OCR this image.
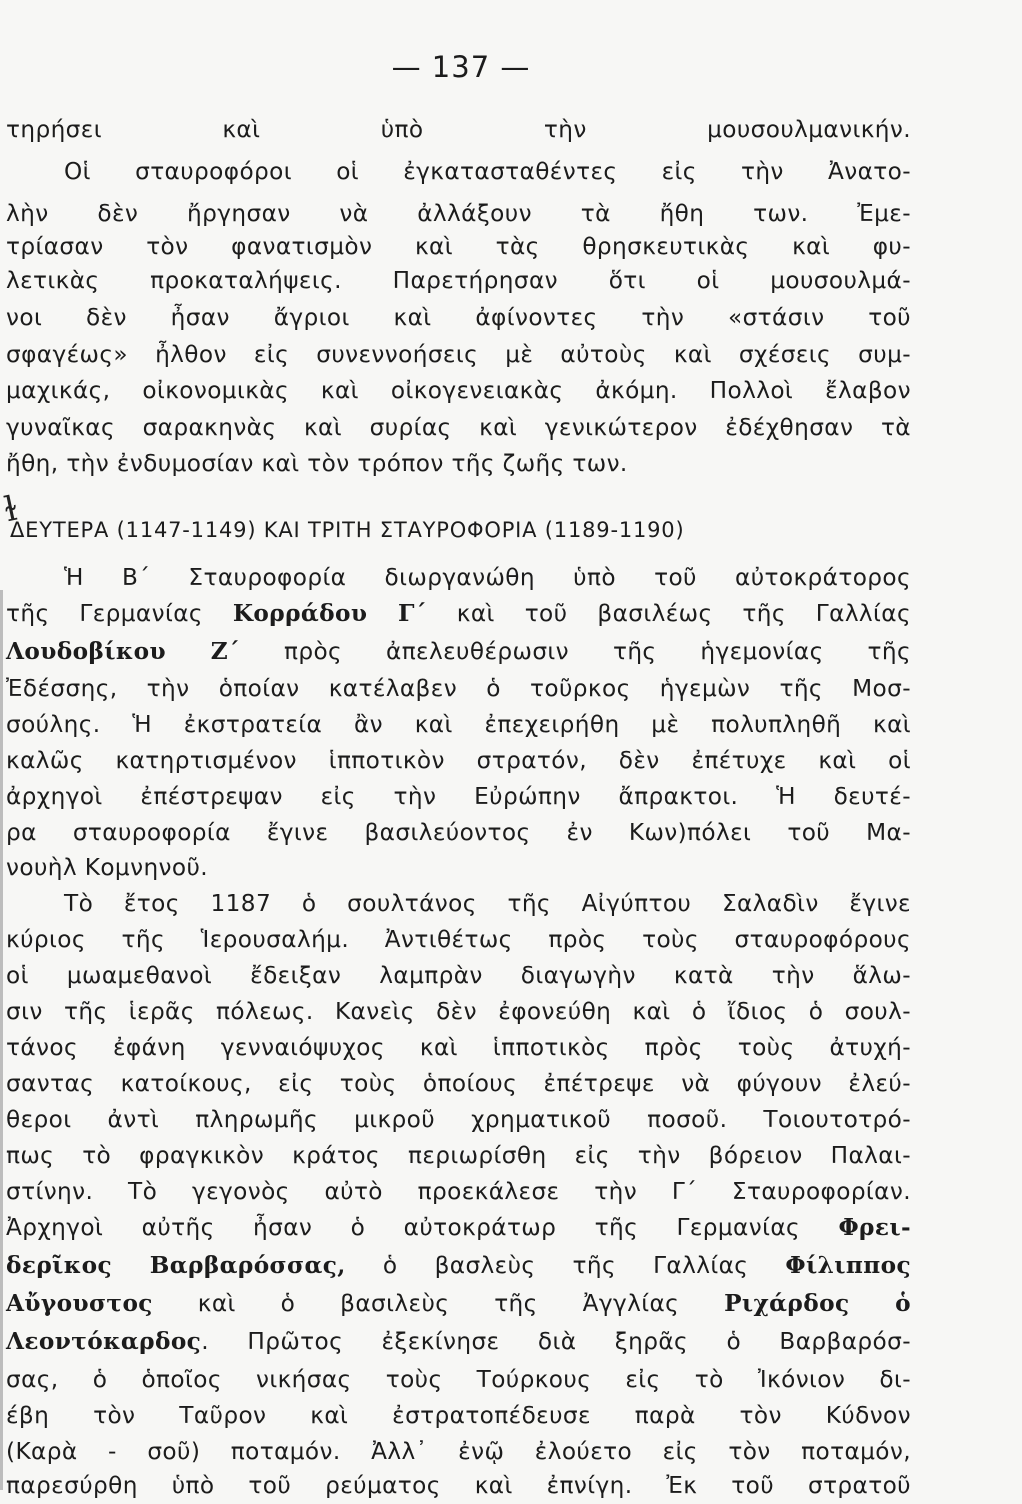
— 137 —
τηρήσει καὶ ὑπὸ τὴν μουσουλμανικήν.
Οἱ σταυροφόροι οἱ ἐγκατασταθέντες εἰς τὴν Ἀνατο-
λὴν δὲν ἤργησαν νὰ ἀλλάξουν τὰ ἤθη των. Ἐμε-
τρίασαν τὸν φανατισμὸν καὶ τὰς θρησκευτικὰς καὶ φυ-
λετικὰς προκαταλήψεις. Παρετήρησαν ὅτι οἱ μουσουλμά-
νοι δὲν ἦσαν ἄγριοι καὶ ἀφίνοντες τὴν «στάσιν τοῦ
σφαγέως» ἦλθον εἰς συνεννοήσεις μὲ αὐτοὺς καὶ σχέσεις συμ-
μαχικάς, οἰκονομικὰς καὶ οἰκογενειακὰς ἀκόμη. Πολλοὶ ἔλαβον
γυναῖκας σαρακηνὰς καὶ συρίας καὶ γενικώτερον ἐδέχθησαν τὰ
ἤθη, τὴν ἐνδυμοσίαν καὶ τὸν τρόπον τῆς ζωῆς των.
ɫ
ΔΕΥΤΕΡΑ (1147-1149) ΚΑΙ ΤΡΙΤΗ ΣΤΑΥΡΟΦΟΡΙΑ (1189-1190)
Ἡ Β΄ Σταυροφορία διωργανώθη ὑπὸ τοῦ αὐτοκράτορος
τῆς Γερμανίας Κορράδου Γ΄ καὶ τοῦ βασιλέως τῆς Γαλλίας
Λουδοβίκου Ζ΄ πρὸς ἀπελευθέρωσιν τῆς ἡγεμονίας τῆς
Ἐδέσσης, τὴν ὁποίαν κατέλαβεν ὁ τοῦρκος ἡγεμὼν τῆς Μοσ-
σούλης. Ἡ ἐκστρατεία ἂν καὶ ἐπεχειρήθη μὲ πολυπληθῆ καὶ
καλῶς κατηρτισμένον ἱπποτικὸν στρατόν, δὲν ἐπέτυχε καὶ οἱ
ἀρχηγοὶ ἐπέστρεψαν εἰς τὴν Εὐρώπην ἄπρακτοι. Ἡ δευτέ-
ρα σταυροφορία ἔγινε βασιλεύοντος ἐν Κων)πόλει τοῦ Μα-
νουὴλ Κομνηνοῦ.
Τὸ ἔτος 1187 ὁ σουλτάνος τῆς Αἰγύπτου Σαλαδὶν ἔγινε
κύριος τῆς Ἱερουσαλήμ. Ἀντιθέτως πρὸς τοὺς σταυροφόρους
οἱ μωαμεθανοὶ ἔδειξαν λαμπρὰν διαγωγὴν κατὰ τὴν ἅλω-
σιν τῆς ἱερᾶς πόλεως. Κανεὶς δὲν ἐφονεύθη καὶ ὁ ἴδιος ὁ σουλ-
τάνος ἐφάνη γενναιόψυχος καὶ ἱπποτικὸς πρὸς τοὺς ἀτυχή-
σαντας κατοίκους, εἰς τοὺς ὁποίους ἐπέτρεψε νὰ φύγουν ἐλεύ-
θεροι ἀντὶ πληρωμῆς μικροῦ χρηματικοῦ ποσοῦ. Τοιουτοτρό-
πως τὸ φραγκικὸν κράτος περιωρίσθη εἰς τὴν βόρειον Παλαι-
στίνην. Τὸ γεγονὸς αὐτὸ προεκάλεσε τὴν Γ΄ Σταυροφορίαν.
Ἀρχηγοὶ αὐτῆς ἦσαν ὁ αὐτοκράτωρ τῆς Γερμανίας Φρει-
δερῖκος Βαρβαρόσσας, ὁ βασλεὺς τῆς Γαλλίας Φίλιππος
Αὔγουστος καὶ ὁ βασιλεὺς τῆς Ἀγγλίας Ριχάρδος ὁ
Λεοντόκαρδος. Πρῶτος ἐξεκίνησε διὰ ξηρᾶς ὁ Βαρβαρόσ-
σας, ὁ ὁποῖος νικήσας τοὺς Τούρκους εἰς τὸ Ἰκόνιον δι-
έβη τὸν Ταῦρον καὶ ἐστρατοπέδευσε παρὰ τὸν Κύδνον
(Καρὰ - σοῦ) ποταμόν. Ἀλλ᾿ ἐνῷ ἐλούετο εἰς τὸν ποταμόν,
παρεσύρθη ὑπὸ τοῦ ρεύματος καὶ ἐπνίγη. Ἐκ τοῦ στρατοῦ
